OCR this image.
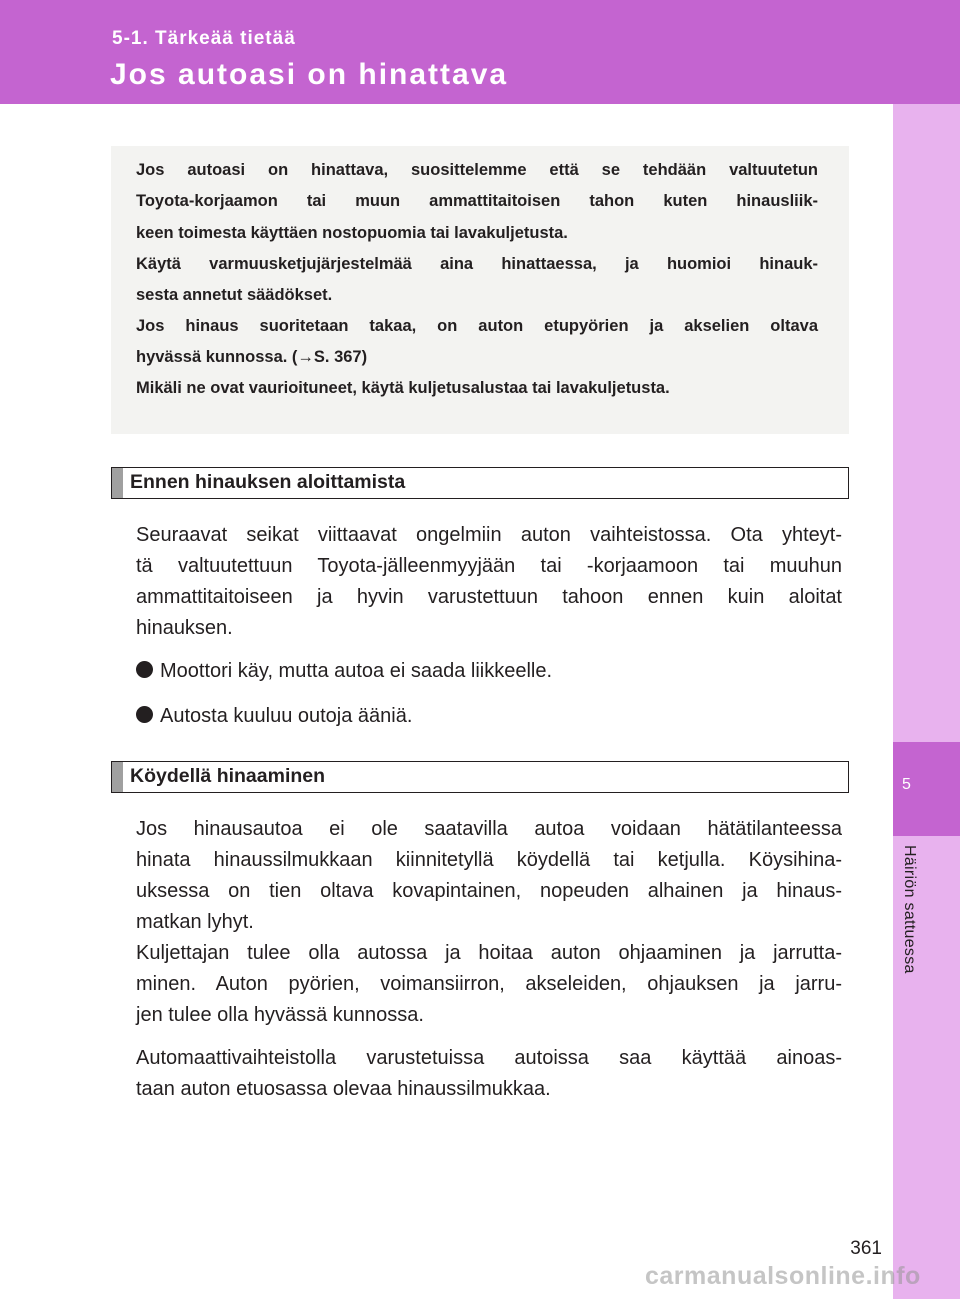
5-1. Tärkeää tietää
Jos autoasi on hinattava
5
Häiriön sattuessa
Jos autoasi on hinattava, suosittelemme että se tehdään valtuutetun
Toyota-korjaamon tai muun ammattitaitoisen tahon kuten hinausliik-
keen toimesta käyttäen nostopuomia tai lavakuljetusta.
Käytä varmuusketjujärjestelmää aina hinattaessa, ja huomioi hinauk-
sesta annetut säädökset.
Jos hinaus suoritetaan takaa, on auton etupyörien ja akselien oltava
hyvässä kunnossa. (→S. 367)
Mikäli ne ovat vaurioituneet, käytä kuljetusalustaa tai lavakuljetusta.
Ennen hinauksen aloittamista
Seuraavat seikat viittaavat ongelmiin auton vaihteistossa. Ota yhteyt-
tä valtuutettuun Toyota-jälleenmyyjään tai -korjaamoon tai muuhun
ammattitaitoiseen ja hyvin varustettuun tahoon ennen kuin aloitat
hinauksen.
Moottori käy, mutta autoa ei saada liikkeelle.
Autosta kuuluu outoja ääniä.
Köydellä hinaaminen
Jos hinausautoa ei ole saatavilla autoa voidaan hätätilanteessa
hinata hinaussilmukkaan kiinnitetyllä köydellä tai ketjulla. Köysihina-
uksessa on tien oltava kovapintainen, nopeuden alhainen ja hinaus-
matkan lyhyt.
Kuljettajan tulee olla autossa ja hoitaa auton ohjaaminen ja jarrutta-
minen. Auton pyörien, voimansiirron, akseleiden, ohjauksen ja jarru-
jen tulee olla hyvässä kunnossa.
Automaattivaihteistolla varustetuissa autoissa saa käyttää ainoas-
taan auton etuosassa olevaa hinaussilmukkaa.
361
carmanualsonline.info
